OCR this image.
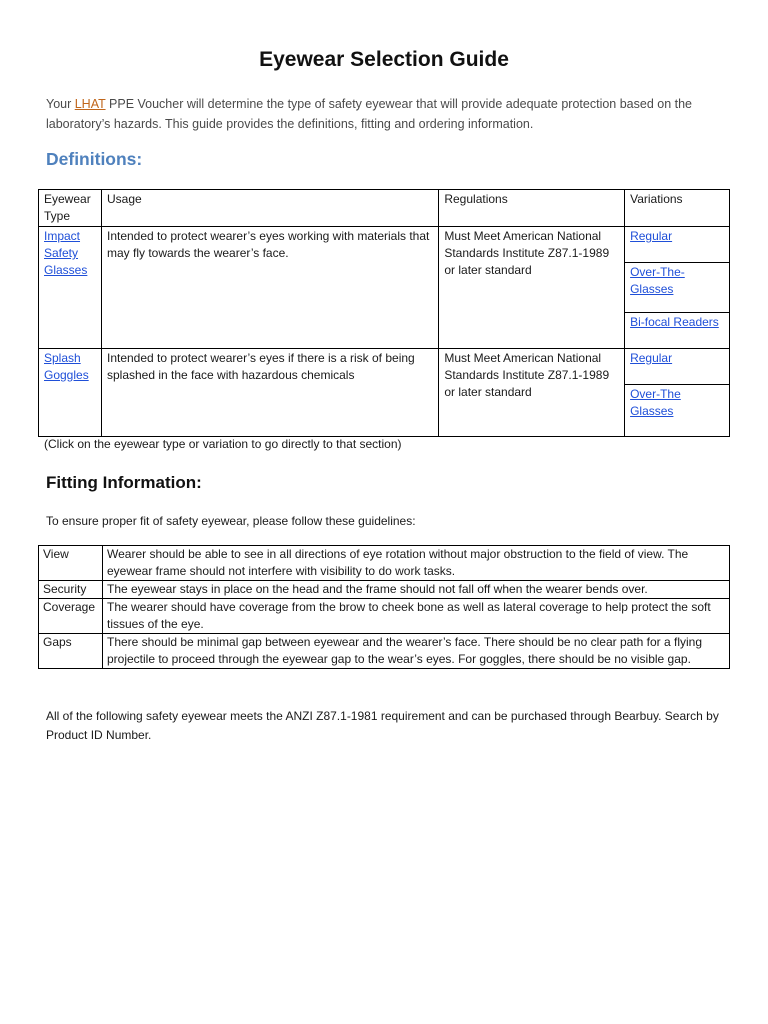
Eyewear Selection Guide
Your LHAT PPE Voucher will determine the type of safety eyewear that will provide adequate protection based on the laboratory’s hazards. This guide provides the definitions, fitting and ordering information.
Definitions:
Eyewear Type	Usage	Regulations	Variations
Impact Safety Glasses	Intended to protect wearer’s eyes working with materials that may fly towards the wearer’s face.	Must Meet American National Standards Institute Z87.1-1989 or later standard	Regular
			Over-The-Glasses
			Bi-focal Readers
Splash Goggles	Intended to protect wearer’s eyes if there is a risk of being splashed in the face with hazardous chemicals	Must Meet American National Standards Institute Z87.1-1989 or later standard	Regular
			Over-The Glasses
(Click on the eyewear type or variation to go directly to that section)
Fitting Information:
To ensure proper fit of safety eyewear, please follow these guidelines:
View	Wearer should be able to see in all directions of eye rotation without major obstruction to the field of view. The eyewear frame should not interfere with visibility to do work tasks.
Security	The eyewear stays in place on the head and the frame should not fall off when the wearer bends over.
Coverage	The wearer should have coverage from the brow to cheek bone as well as lateral coverage to help protect the soft tissues of the eye.
Gaps	There should be minimal gap between eyewear and the wearer’s face. There should be no clear path for a flying projectile to proceed through the eyewear gap to the wear’s eyes. For goggles, there should be no visible gap.
All of the following safety eyewear meets the ANZI Z87.1-1981 requirement and can be purchased through Bearbuy. Search by Product ID Number.
